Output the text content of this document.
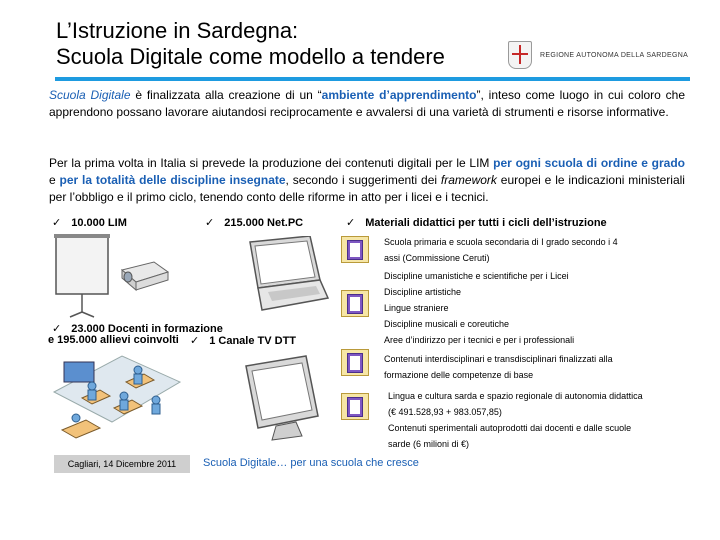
L’Istruzione in Sardegna:
Scuola Digitale come modello a tendere	REGIONE AUTONOMA DELLA SARDEGNA

Scuola Digitale è finalizzata alla creazione di un “ambiente d’apprendimento”, inteso come luogo in cui coloro che apprendono possano lavorare aiutandosi reciprocamente e avvalersi di una varietà di strumenti e risorse informative.

Per la prima volta in Italia si prevede la produzione dei contenuti digitali per le LIM per ogni scuola di ordine e grado e per la totalità delle discipline insegnate, secondo i suggerimenti dei framework europei e le indicazioni ministeriali per l’obbligo e il primo ciclo, tenendo conto delle riforme in atto per i licei e i tecnici.

✓ 10.000 LIM	✓ 215.000 Net.PC	✓ Materiali didattici per tutti i cicli dell’istruzione
✓ 23.000 Docenti in formazione
e 195.000 allievi coinvolti ✓ 1 Canale TV DTT
Scuola primaria e scuola secondaria di I grado secondo i 4
assi (Commissione Ceruti)
Discipline umanistiche e scientifiche per i Licei
Discipline artistiche
Lingue straniere
Discipline musicali e coreutiche
Aree d’indirizzo per i tecnici e per i professionali
Contenuti interdisciplinari e transdisciplinari finalizzati alla
formazione delle competenze di base
Lingua e cultura sarda e spazio regionale di autonomia didattica
(€ 491.528,93 + 983.057,85)
Contenuti sperimentali autoprodotti dai docenti e dalle scuole
sarde (6 milioni di €)
Cagliari, 14 Dicembre 2011 Scuola Digitale… per una scuola che cresce
